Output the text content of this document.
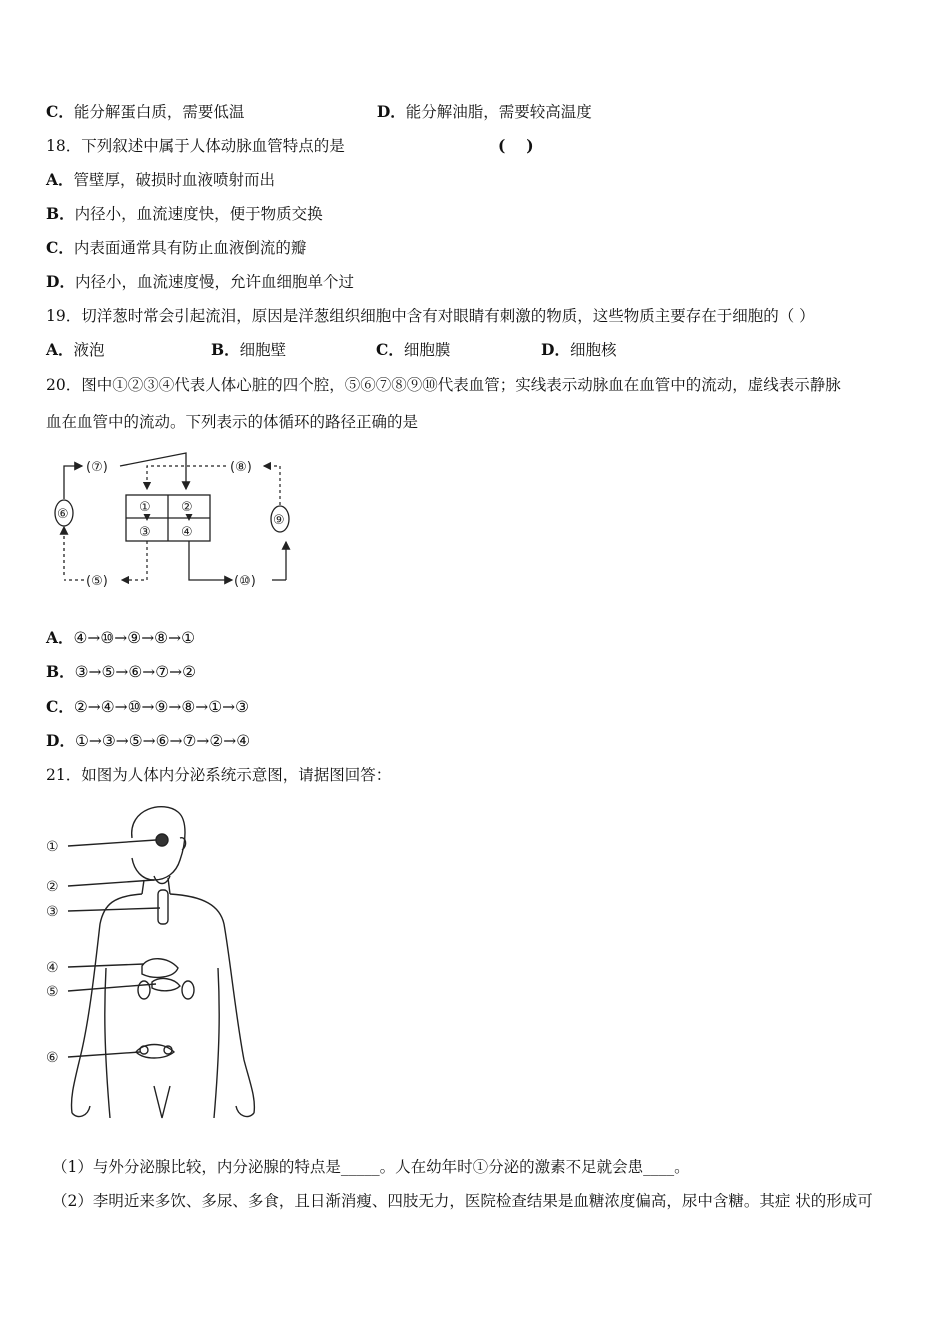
C．能分解蛋白质，需要低温	D．能分解油脂，需要较高温度
18．下列叙述中属于人体动脉血管特点的是	(　 )
A．管壁厚，破损时血液喷射而出
B．内径小，血流速度快，便于物质交换
C．内表面通常具有防止血液倒流的瓣
D．内径小，血流速度慢，允许血细胞单个过
19．切洋葱时常会引起流泪，原因是洋葱组织细胞中含有对眼睛有刺激的物质，这些物质主要存在于细胞的（ ）
A．液泡	B．细胞壁	C．细胞膜	D．细胞核
20．图中①②③④代表人体心脏的四个腔，⑤⑥⑦⑧⑨⑩代表血管；实线表示动脉血在血管中的流动，虚线表示静脉
血在血管中的流动。下列表示的体循环的路径正确的是
① ②
③ ④
(⑦)
⑥
(⑤)
(⑧)
⑨
(⑩)
A．④→⑩→⑨→⑧→①
B．③→⑤→⑥→⑦→②
C．②→④→⑩→⑨→⑧→①→③
D．①→③→⑤→⑥→⑦→②→④
21．如图为人体内分泌系统示意图，请据图回答：
①
②
③
④
⑤
⑥
（1）与外分泌腺比较，内分泌腺的特点是_____。人在幼年时①分泌的激素不足就会患____。
（2）李明近来多饮、多尿、多食，且日渐消瘦、四肢无力，医院检查结果是血糖浓度偏高，尿中含糖。其症 状的形成可
